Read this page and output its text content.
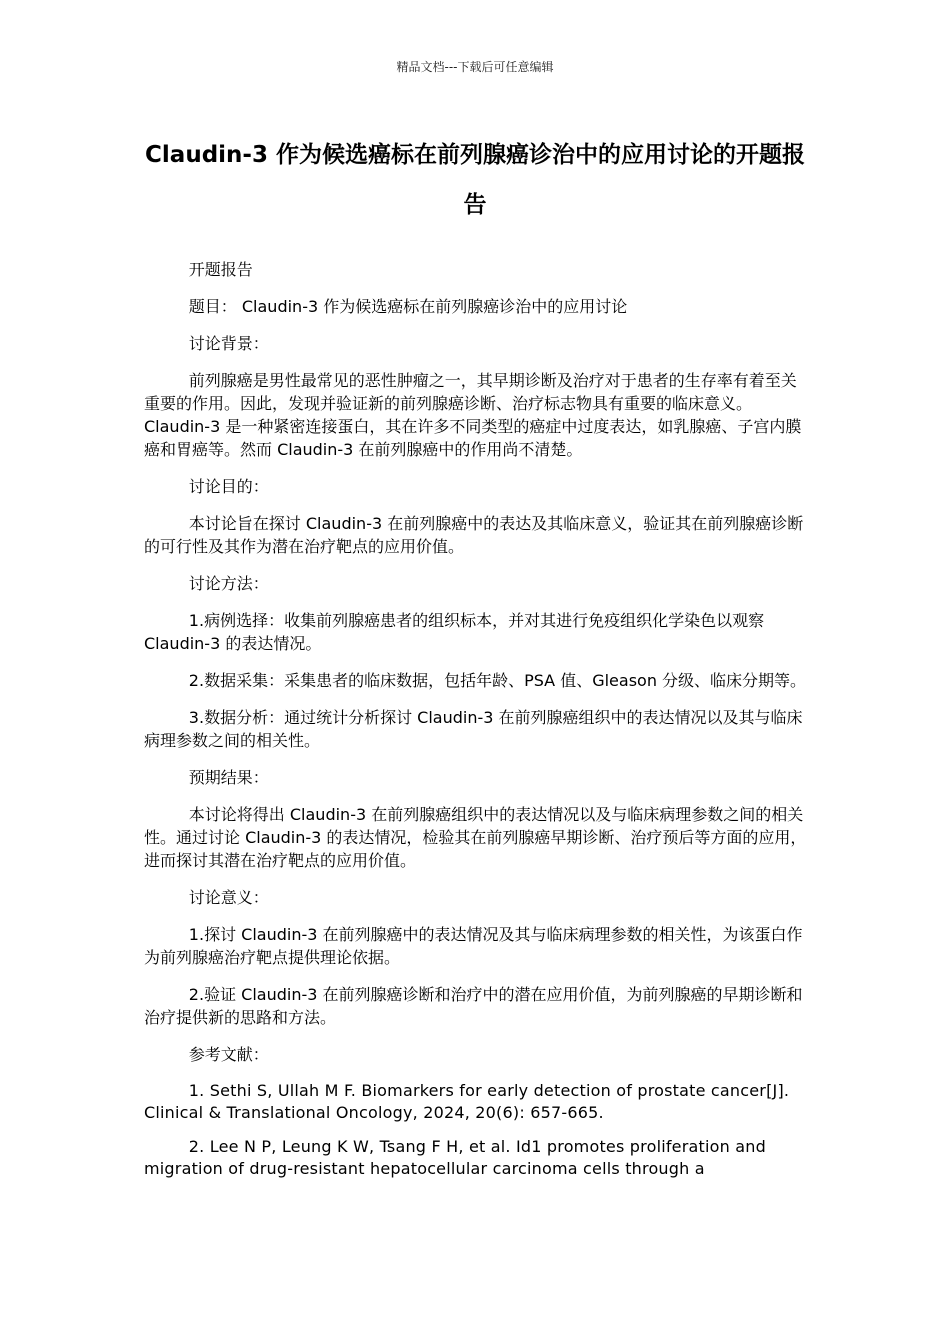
精品文档---下载后可任意编辑
Claudin-3 作为候选癌标在前列腺癌诊治中的应用讨论的开题报告

开题报告

题目： Claudin-3 作为候选癌标在前列腺癌诊治中的应用讨论

讨论背景：

前列腺癌是男性最常见的恶性肿瘤之一，其早期诊断及治疗对于患者的生存率有着至关重要的作用。因此，发现并验证新的前列腺癌诊断、治疗标志物具有重要的临床意义。Claudin-3 是一种紧密连接蛋白，其在许多不同类型的癌症中过度表达，如乳腺癌、子宫内膜癌和胃癌等。然而 Claudin-3 在前列腺癌中的作用尚不清楚。

讨论目的：

本讨论旨在探讨 Claudin-3 在前列腺癌中的表达及其临床意义，验证其在前列腺癌诊断的可行性及其作为潜在治疗靶点的应用价值。

讨论方法：

1.病例选择：收集前列腺癌患者的组织标本，并对其进行免疫组织化学染色以观察 Claudin-3 的表达情况。

2.数据采集：采集患者的临床数据，包括年龄、PSA 值、Gleason 分级、临床分期等。

3.数据分析：通过统计分析探讨 Claudin-3 在前列腺癌组织中的表达情况以及其与临床病理参数之间的相关性。

预期结果：

本讨论将得出 Claudin-3 在前列腺癌组织中的表达情况以及与临床病理参数之间的相关性。通过讨论 Claudin-3 的表达情况，检验其在前列腺癌早期诊断、治疗预后等方面的应用，进而探讨其潜在治疗靶点的应用价值。

讨论意义：

1.探讨 Claudin-3 在前列腺癌中的表达情况及其与临床病理参数的相关性，为该蛋白作为前列腺癌治疗靶点提供理论依据。

2.验证 Claudin-3 在前列腺癌诊断和治疗中的潜在应用价值，为前列腺癌的早期诊断和治疗提供新的思路和方法。

参考文献：

1. Sethi S, Ullah M F. Biomarkers for early detection of prostate cancer[J]. Clinical & Translational Oncology, 2024, 20(6): 657-665.

2. Lee N P, Leung K W, Tsang F H, et al. Id1 promotes proliferation and migration of drug-resistant hepatocellular carcinoma cells through a
